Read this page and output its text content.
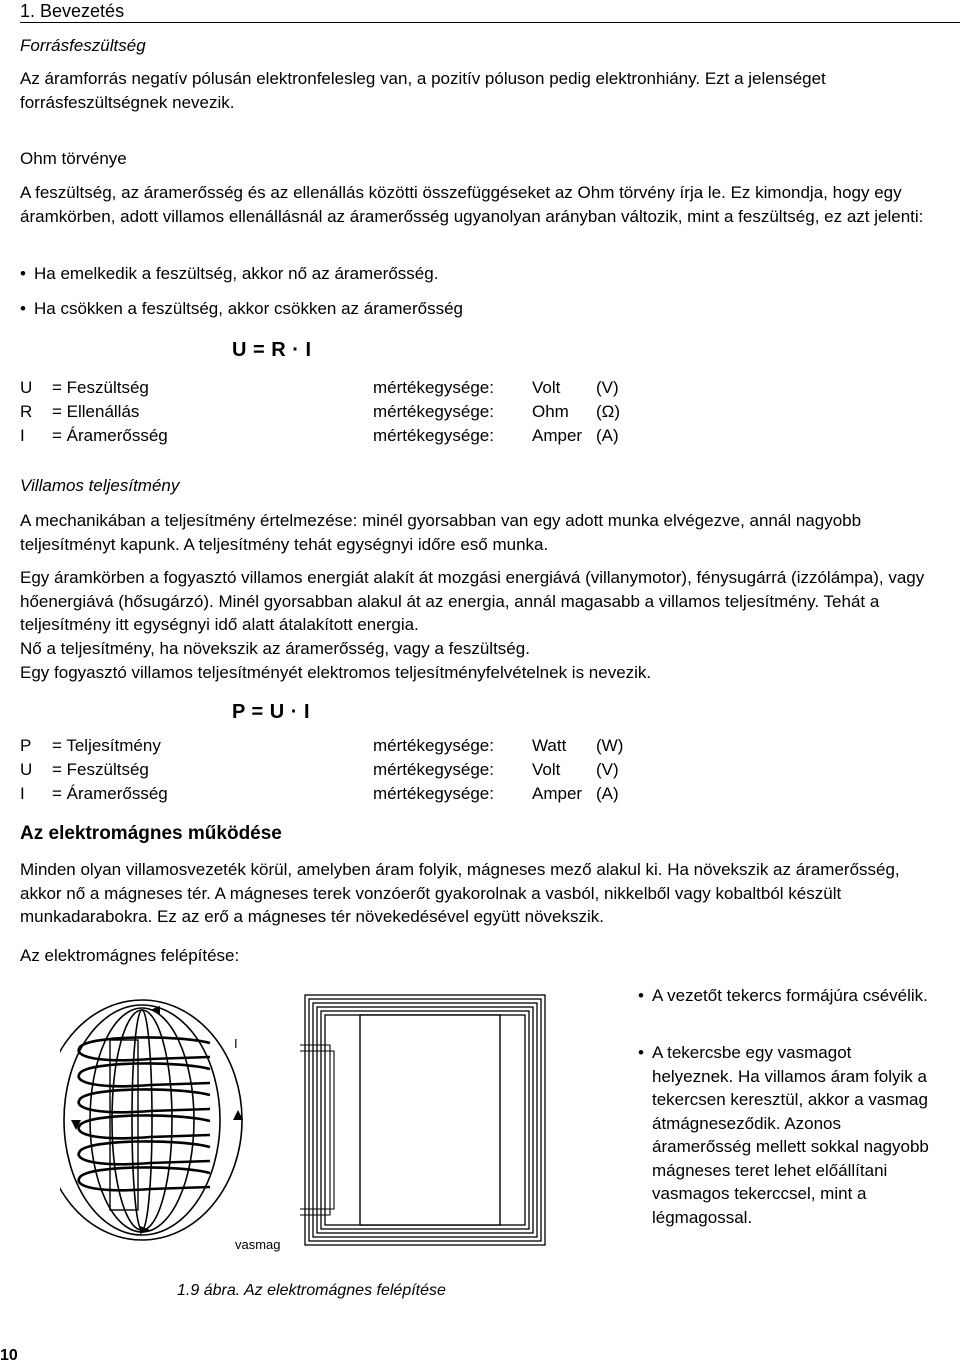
1. Bevezetés
Forrásfeszültség
Az áramforrás negatív pólusán elektronfelesleg van, a pozitív póluson pedig elektronhiány. Ezt a jelenséget forrásfeszültségnek nevezik.
Ohm törvénye
A feszültség, az áramerősség és az ellenállás közötti összefüggéseket az Ohm törvény írja le. Ez kimondja, hogy egy áramkörben, adott villamos ellenállásnál az áramerősség ugyanolyan arányban változik, mint a feszültség, ez azt jelenti:
• Ha emelkedik a feszültség, akkor nő az áramerősség.
• Ha csökken a feszültség, akkor csökken az áramerősség
U = R · I
U = Feszültség	mértékegysége: Volt (V)
R = Ellenállás	mértékegysége: Ohm (Ω)
I = Áramerősség	mértékegysége: Amper (A)
Villamos teljesítmény
A mechanikában a teljesítmény értelmezése: minél gyorsabban van egy adott munka elvégezve, annál nagyobb teljesítményt kapunk. A teljesítmény tehát egységnyi időre eső munka.
Egy áramkörben a fogyasztó villamos energiát alakít át mozgási energiává (villanymotor), fénysugárrá (izzólámpa), vagy hőenergiává (hősugárzó). Minél gyorsabban alakul át az energia, annál magasabb a villamos teljesítmény. Tehát a teljesítmény itt egységnyi idő alatt átalakított energia.
Nő a teljesítmény, ha növekszik az áramerősség, vagy a feszültség.
Egy fogyasztó villamos teljesítményét elektromos teljesítményfelvételnek is nevezik.
P = U · I
P = Teljesítmény	mértékegysége: Watt (W)
U = Feszültség	mértékegysége: Volt (V)
I = Áramerősség	mértékegysége: Amper (A)
Az elektromágnes működése
Minden olyan villamosvezeték körül, amelyben áram folyik, mágneses mező alakul ki. Ha növekszik az áramerősség, akkor nő a mágneses tér. A mágneses terek vonzóerőt gyakorolnak a vasból, nikkelből vagy kobaltból készült munkadarabokra. Ez az erő a mágneses tér növekedésével együtt növekszik.
Az elektromágnes felépítése:
• A vezetőt tekercs formájúra csévélik.
• A tekercsbe egy vasmagot helyeznek. Ha villamos áram folyik a tekercsen keresztül, akkor a vasmag átmágneseződik. Azonos áramerősség mellett sokkal nagyobb mágneses teret lehet előállítani vasmagos tekerccsel, mint a légmagossal.
I
vasmag
1.9 ábra. Az elektromágnes felépítése
10
